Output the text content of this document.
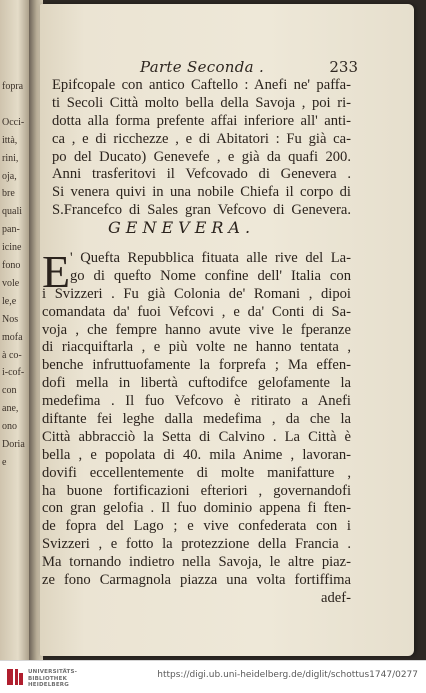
fopra
Occi-
ittà,
rini,
oja,
bre
quali
pan-
icine
fono
vole
le,e
Nos
mofa
à co-
i-cof-
con
ane,
ono
Doria
e
Parte Seconda .	233
Epifcopale con antico Caftello : Anefi ne' paffa-
ti Secoli Città molto bella della Savoja , poi ri-
dotta alla forma prefente affai inferiore all' anti-
ca , e di ricchezze , e di Abitatori : Fu già ca-
po del Ducato) Genevefe , e già da quafi 200.
Anni trasferitovi il Vefcovado di Genevera .
Si venera quivi in una nobile Chiefa il corpo di
S.Francefco di Sales gran Vefcovo di Genevera.
GENEVERA.
E ' Quefta Repubblica fituata alle rive del La-
go di quefto Nome confine dell' Italia con
i Svizzeri . Fu già Colonia de' Romani , dipoi
comandata da' fuoi Vefcovi , e da' Conti di Sa-
voja , che fempre hanno avute vive le fperanze
di riacquiftarla , e più volte ne hanno tentata ,
benche infruttuofamente la forprefa ; Ma effen-
dofi mella in libertà cuftodifce gelofamente la
medefima . Il fuo Vefcovo è ritirato a Anefi
diftante fei leghe dalla medefima , da che la
Città abbracciò la Setta di Calvino . La Città è
bella , e popolata di 40. mila Anime , lavoran-
dovifi eccellentemente di molte manifatture ,
ha buone fortificazioni efteriori , governandofi
con gran gelofia . Il fuo dominio appena fi ften-
de fopra del Lago ; e vive confederata con i
Svizzeri , e fotto la protezzione della Francia .
Ma tornando indietro nella Savoja, le altre piaz-
ze fono Carmagnola piazza una volta fortiffima
adef-
UNIVERSITÄTS-
BIBLIOTHEK
HEIDELBERG
https://digi.ub.uni-heidelberg.de/diglit/schottus1747/0277
